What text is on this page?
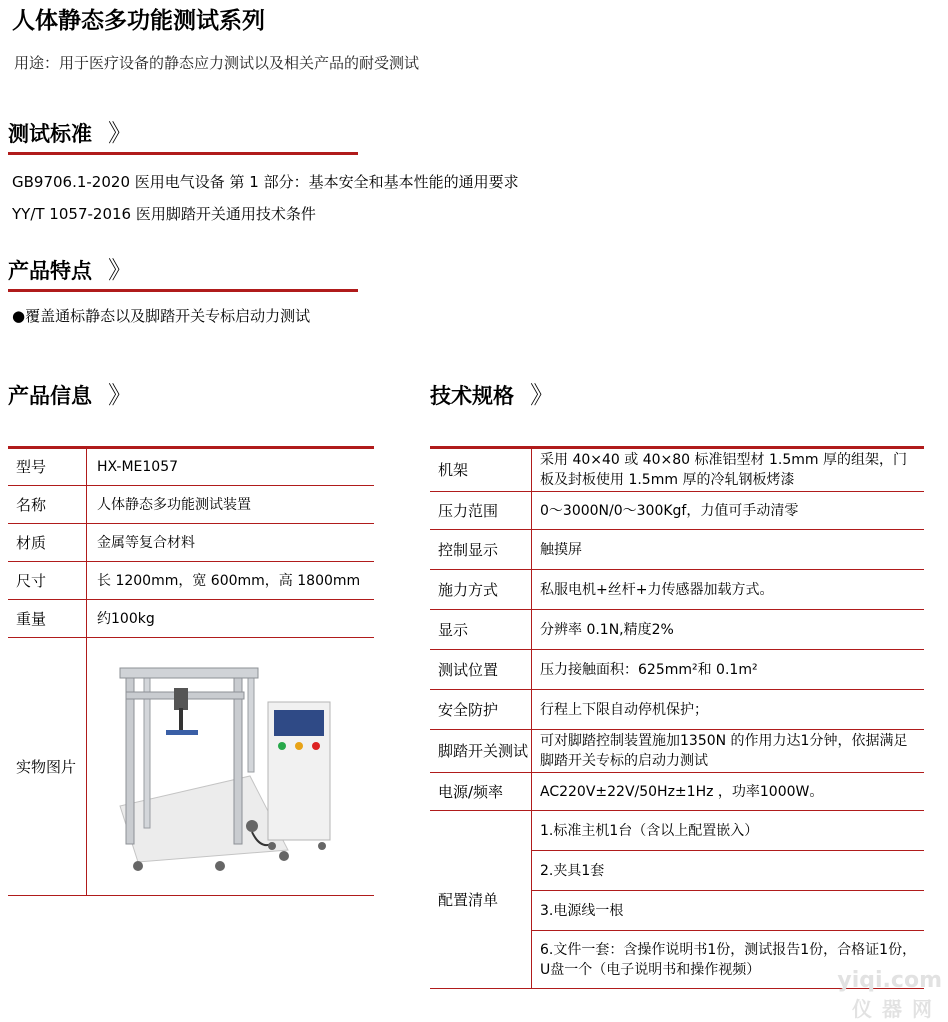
人体静态多功能测试系列
用途：用于医疗设备的静态应力测试以及相关产品的耐受测试
测试标准 》
GB9706.1-2020 医用电气设备 第 1 部分：基本安全和基本性能的通用要求
YY/T 1057-2016 医用脚踏开关通用技术条件
产品特点 》
●覆盖通标静态以及脚踏开关专标启动力测试
产品信息 》	技术规格 》
型号	HX-ME1057
名称	人体静态多功能测试装置
材质	金属等复合材料
尺寸	长 1200mm，宽 600mm，高 1800mm
重量	约100kg
实物图片	
机架	采用 40×40 或 40×80 标准铝型材 1.5mm 厚的组架，门板及封板使用 1.5mm 厚的冷轧钢板烤漆
压力范围	0～3000N/0～300Kgf，力值可手动清零
控制显示	触摸屏
施力方式	私服电机+丝杆+力传感器加载方式。
显示	分辨率 0.1N,精度2%
测试位置	压力接触面积：625mm²和 0.1m²
安全防护	行程上下限自动停机保护；
脚踏开关测试	可对脚踏控制装置施加1350N 的作用力达1分钟，依据满足脚踏开关专标的启动力测试
电源/频率	AC220V±22V/50Hz±1Hz ，功率1000W。
配置清单	1.标准主机1台（含以上配置嵌入）
	2.夹具1套
	3.电源线一根
	6.文件一套：含操作说明书1份，测试报告1份，合格证1份，U盘一个（电子说明书和操作视频）	yiqi.com
仪器网
